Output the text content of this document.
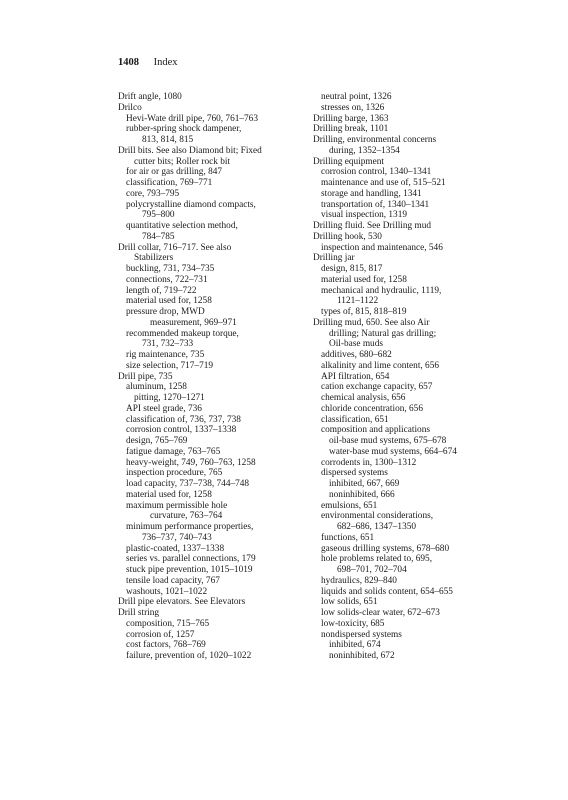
1408 Index
Drift angle, 1080
Drilco
Hevi-Wate drill pipe, 760, 761–763
rubber-spring shock dampener,
813, 814, 815
Drill bits. See also Diamond bit; Fixed
cutter bits; Roller rock bit
for air or gas drilling, 847
classification, 769–771
core, 793–795
polycrystalline diamond compacts,
795–800
quantitative selection method,
784–785
Drill collar, 716–717. See also
Stabilizers
buckling, 731, 734–735
connections, 722–731
length of, 719–722
material used for, 1258
pressure drop, MWD
measurement, 969–971
recommended makeup torque,
731, 732–733
rig maintenance, 735
size selection, 717–719
Drill pipe, 735
aluminum, 1258
pitting, 1270–1271
API steel grade, 736
classification of, 736, 737, 738
corrosion control, 1337–1338
design, 765–769
fatigue damage, 763–765
heavy-weight, 749, 760–763, 1258
inspection procedure, 765
load capacity, 737–738, 744–748
material used for, 1258
maximum permissible hole
curvature, 763–764
minimum performance properties,
736–737, 740–743
plastic-coated, 1337–1338
series vs. parallel connections, 179
stuck pipe prevention, 1015–1019
tensile load capacity, 767
washouts, 1021–1022
Drill pipe elevators. See Elevators
Drill string
composition, 715–765
corrosion of, 1257
cost factors, 768–769
failure, prevention of, 1020–1022
neutral point, 1326
stresses on, 1326
Drilling barge, 1363
Drilling break, 1101
Drilling, environmental concerns
during, 1352–1354
Drilling equipment
corrosion control, 1340–1341
maintenance and use of, 515–521
storage and handling, 1341
transportation of, 1340–1341
visual inspection, 1319
Drilling fluid. See Drilling mud
Drilling hook, 530
inspection and maintenance, 546
Drilling jar
design, 815, 817
material used for, 1258
mechanical and hydraulic, 1119,
1121–1122
types of, 815, 818–819
Drilling mud, 650. See also Air
drilling; Natural gas drilling;
Oil-base muds
additives, 680–682
alkalinity and lime content, 656
API filtration, 654
cation exchange capacity, 657
chemical analysis, 656
chloride concentration, 656
classification, 651
composition and applications
oil-base mud systems, 675–678
water-base mud systems, 664–674
corrodents in, 1300–1312
dispersed systems
inhibited, 667, 669
noninhibited, 666
emulsions, 651
environmental considerations,
682–686, 1347–1350
functions, 651
gaseous drilling systems, 678–680
hole problems related to, 695,
698–701, 702–704
hydraulics, 829–840
liquids and solids content, 654–655
low solids, 651
low solids-clear water, 672–673
low-toxicity, 685
nondispersed systems
inhibited, 674
noninhibited, 672
